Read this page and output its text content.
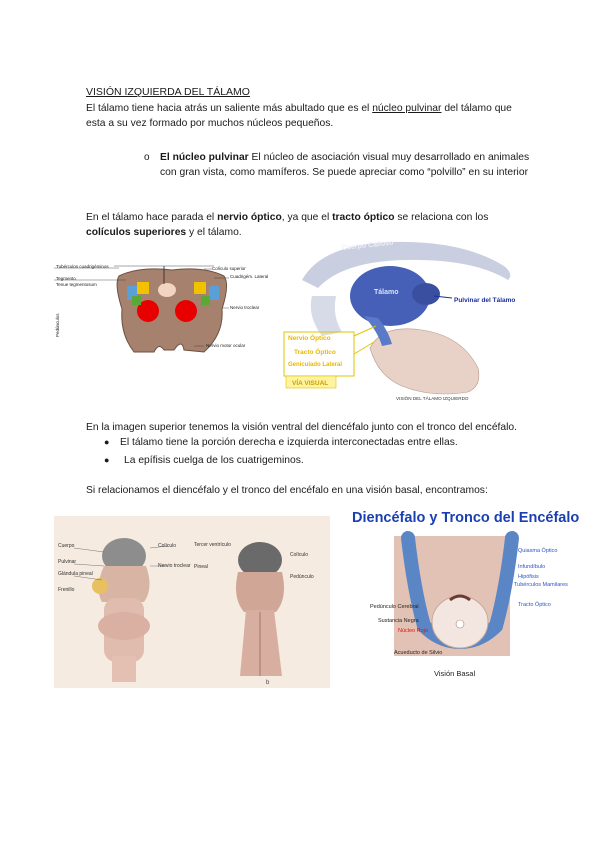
VISIÓN IZQUIERDA DEL TÁLAMO
El tálamo tiene hacia atrás un saliente más abultado que es el núcleo pulvinar del tálamo que esta a su vez formado por muchos núcleos pequeños.
o El núcleo pulvinar El núcleo de asociación visual muy desarrollado en animales con gran vista, como mamíferos. Se puede apreciar como “polvillo” en su interior
En el tálamo hace parada el nervio óptico, ya que el tracto óptico se relaciona con los colículos superiores y el tálamo.
Tubérculos cuadrigéminos
Tegmento
Tenue tegmentosum
Pedúnculos
Colículo superior
Cuadrigém. Lateral
Nervio troclear
Nervio motor ocular
Tálamo
Cuerpo Calloso
Pulvinar del Tálamo
Nervio Óptico
Tracto Óptico
Geniculado Lateral
VÍA VISUAL
VISIÓN DEL TÁLAMO IZQUIERDO
En la imagen superior tenemos la visión ventral del diencéfalo junto con el tronco del encéfalo.
● El tálamo tiene la porción derecha e izquierda interconectadas entre ellas.
● La epífisis cuelga de los cuatrigeminos.
Si relacionamos el diencéfalo y el tronco del encéfalo en una visión basal, encontramos:
Cuerpo
Pulvinar
Glándula pineal
Frenillo
Colículo
Nervio troclear
Tercer ventrículo
Pineal
Colículo
Pedúnculo
b
Diencéfalo y Tronco del Encéfalo
Quiasma Óptico
Infundíbulo
Hipófisis
Tubérculos Mamilares
Tracto Óptico
Pedúnculo Cerebral
Sustancia Negra
Núcleo Rojo
Acueducto de Silvio
Visión Basal
